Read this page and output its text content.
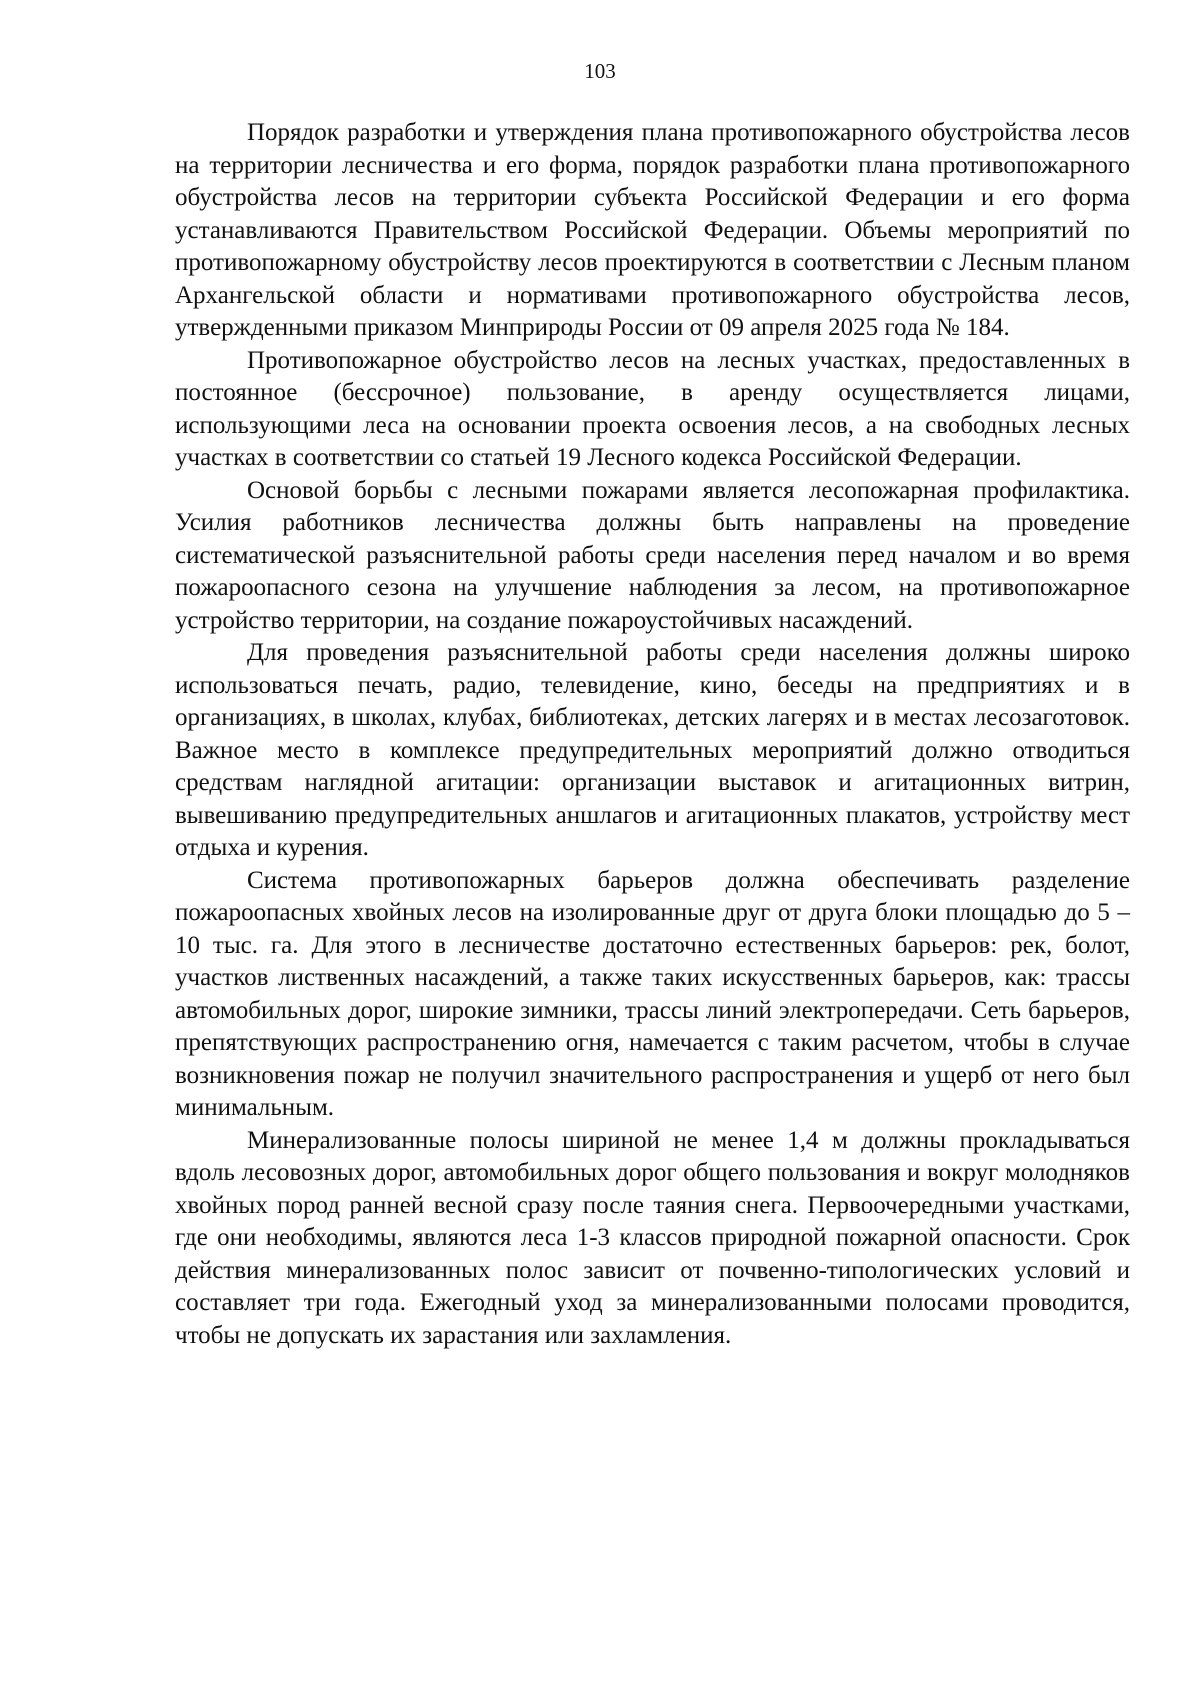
103

Порядок разработки и утверждения плана противопожарного обустройства лесов на территории лесничества и его форма, порядок разработки плана противопожарного обустройства лесов на территории субъекта Российской Федерации и его форма устанавливаются Правительством Российской Федерации. Объемы мероприятий по противопожарному обустройству лесов проектируются в соответствии с Лесным планом Архангельской области и нормативами противопожарного обустройства лесов, утвержденными приказом Минприроды России от 09 апреля 2025 года № 184.

Противопожарное обустройство лесов на лесных участках, предоставленных в постоянное (бессрочное) пользование, в аренду осуществляется лицами, использующими леса на основании проекта освоения лесов, а на свободных лесных участках в соответствии со статьей 19 Лесного кодекса Российской Федерации.

Основой борьбы с лесными пожарами является лесопожарная профилактика. Усилия работников лесничества должны быть направлены на проведение систематической разъяснительной работы среди населения перед началом и во время пожароопасного сезона на улучшение наблюдения за лесом, на противопожарное устройство территории, на создание пожароустойчивых насаждений.

Для проведения разъяснительной работы среди населения должны широко использоваться печать, радио, телевидение, кино, беседы на предприятиях и в организациях, в школах, клубах, библиотеках, детских лагерях и в местах лесозаготовок. Важное место в комплексе предупредительных мероприятий должно отводиться средствам наглядной агитации: организации выставок и агитационных витрин, вывешиванию предупредительных аншлагов и агитационных плакатов, устройству мест отдыха и курения.

Система противопожарных барьеров должна обеспечивать разделение пожароопасных хвойных лесов на изолированные друг от друга блоки площадью до 5 – 10 тыс. га. Для этого в лесничестве достаточно естественных барьеров: рек, болот, участков лиственных насаждений, а также таких искусственных барьеров, как: трассы автомобильных дорог, широкие зимники, трассы линий электропередачи. Сеть барьеров, препятствующих распространению огня, намечается с таким расчетом, чтобы в случае возникновения пожар не получил значительного распространения и ущерб от него был минимальным.

Минерализованные полосы шириной не менее 1,4 м должны прокладываться вдоль лесовозных дорог, автомобильных дорог общего пользования и вокруг молодняков хвойных пород ранней весной сразу после таяния снега. Первоочередными участками, где они необходимы, являются леса 1-3 классов природной пожарной опасности. Срок действия минерализованных полос зависит от почвенно-типологических условий и составляет три года. Ежегодный уход за минерализованными полосами проводится, чтобы не допускать их зарастания или захламления.
